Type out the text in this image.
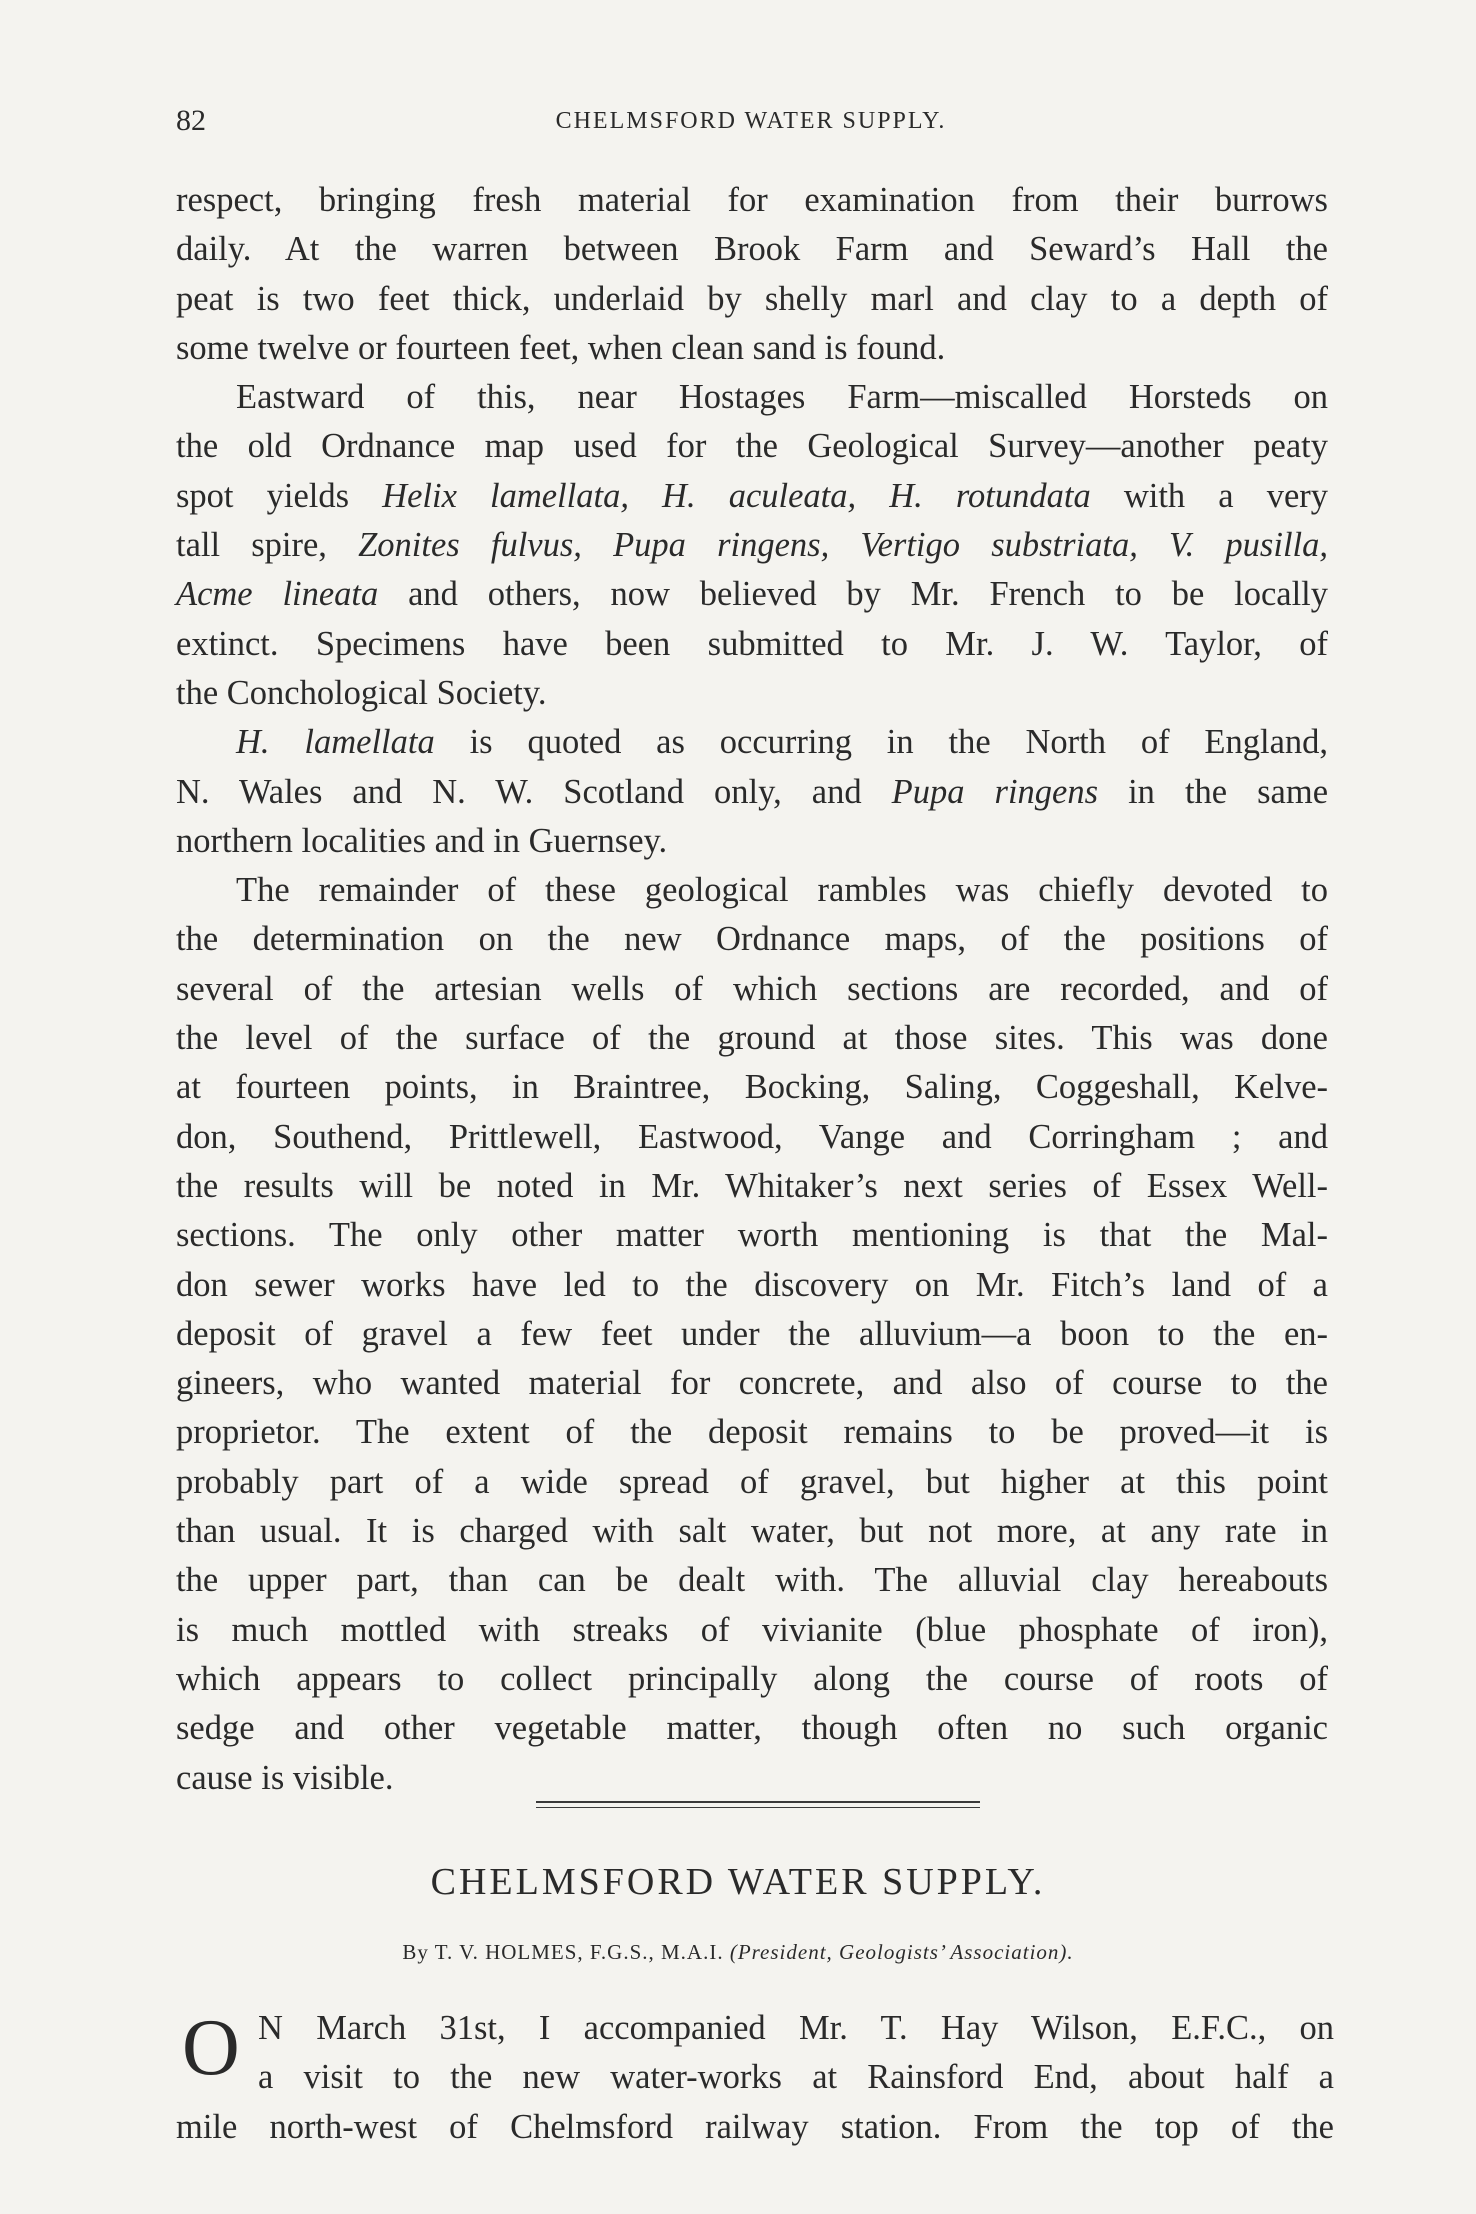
82	CHELMSFORD WATER SUPPLY.
respect, bringing fresh material for examination from their burrows
daily. At the warren between Brook Farm and Seward’s Hall the
peat is two feet thick, underlaid by shelly marl and clay to a depth of
some twelve or fourteen feet, when clean sand is found.
Eastward of this, near Hostages Farm—miscalled Horsteds on
the old Ordnance map used for the Geological Survey—another peaty
spot yields Helix lamellata, H. aculeata, H. rotundata with a very
tall spire, Zonites fulvus, Pupa ringens, Vertigo substriata, V. pusilla,
Acme lineata and others, now believed by Mr. French to be locally
extinct. Specimens have been submitted to Mr. J. W. Taylor, of
the Conchological Society.
H. lamellata is quoted as occurring in the North of England,
N. Wales and N. W. Scotland only, and Pupa ringens in the same
northern localities and in Guernsey.
The remainder of these geological rambles was chiefly devoted to
the determination on the new Ordnance maps, of the positions of
several of the artesian wells of which sections are recorded, and of
the level of the surface of the ground at those sites. This was done
at fourteen points, in Braintree, Bocking, Saling, Coggeshall, Kelve-
don, Southend, Prittlewell, Eastwood, Vange and Corringham ; and
the results will be noted in Mr. Whitaker’s next series of Essex Well-
sections. The only other matter worth mentioning is that the Mal-
don sewer works have led to the discovery on Mr. Fitch’s land of a
deposit of gravel a few feet under the alluvium—a boon to the en-
gineers, who wanted material for concrete, and also of course to the
proprietor. The extent of the deposit remains to be proved—it is
probably part of a wide spread of gravel, but higher at this point
than usual. It is charged with salt water, but not more, at any rate in
the upper part, than can be dealt with. The alluvial clay hereabouts
is much mottled with streaks of vivianite (blue phosphate of iron),
which appears to collect principally along the course of roots of
sedge and other vegetable matter, though often no such organic
cause is visible.
CHELMSFORD WATER SUPPLY.
By T. V. HOLMES, F.G.S., M.A.I. (President, Geologists’ Association).
O N March 31st, I accompanied Mr. T. Hay Wilson, E.F.C., on
a visit to the new water-works at Rainsford End, about half a
mile north-west of Chelmsford railway station. From the top of the
